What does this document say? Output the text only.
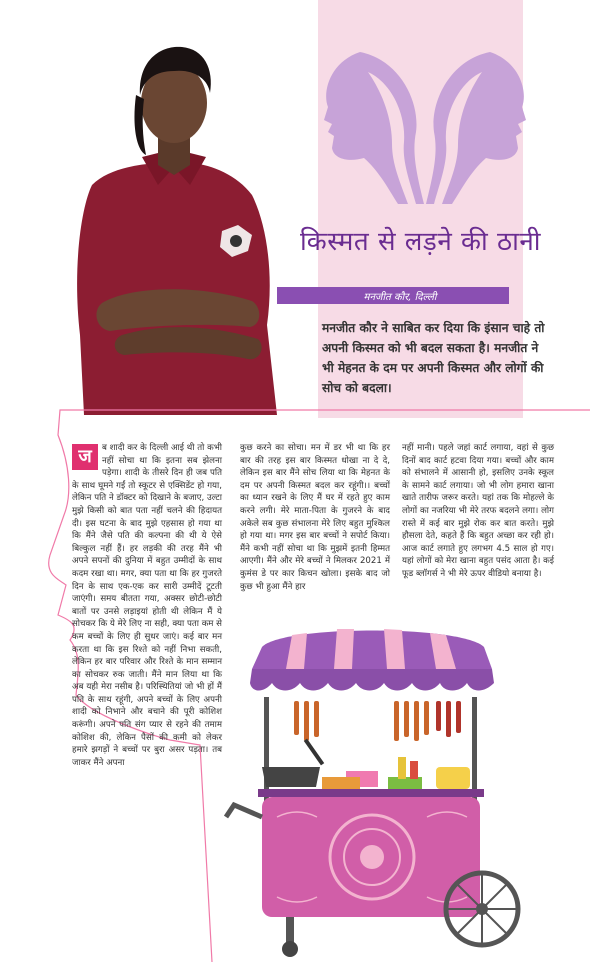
किस्मत से लड़ने की ठानी
मनजीत कौर, दिल्ली
मनजीत कौर ने साबित कर दिया कि इंसान चाहे तो अपनी किस्मत को भी बदल सकता है। मनजीत ने भी मेहनत के दम पर अपनी किस्मत और लोगों की सोच को बदला।
ज	ब शादी कर के दिल्ली आई थी तो कभी नहीं सोचा था कि इतना सब झेलना पड़ेगा। शादी के तीसरे दिन ही जब पति के साथ घूमने गईं तो स्कूटर से एक्सिडेंट हो गया, लेकिन पति ने डॉक्टर को दिखाने के बजाए, उल्टा मुझे किसी को बात पता नहीं चलने की हिदायत दी। इस घटना के बाद मुझे एहसास हो गया था कि मैंने जैसे पति की कल्पना की थी ये ऐसे बिल्कुल नहीं हैं। हर लड़की की तरह मैंने भी अपने सपनों की दुनिया में बहुत उम्मीदों के साथ कदम रखा था। मगर, क्या पता था कि हर गुजरते दिन के साथ एक-एक कर सारी उम्मीदें टूटती जाएंगी। समय बीतता गया, अक्सर छोटी-छोटी बातों पर उनसे लड़ाइयां होती थी लेकिन मैं ये सोचकर कि ये मेरे लिए ना सही, क्या पता कम से कम बच्चों के लिए ही सुधर जाएं। कई बार मन करता था कि इस रिश्ते को नहीं निभा सकती, लेकिन हर बार परिवार और रिश्ते के मान सम्मान का सोचकर रुक जाती। मैंने मान लिया था कि अब यही मेरा नसीब है। परिस्थितियां जो भी हों मैं पति के साथ रहूंगी, अपने बच्चों के लिए अपनी शादी को निभाने और बचाने की पूरी कोशिश करूंगी। अपने पति संग प्यार से रहने की तमाम कोशिश की, लेकिन पैसों की कमी को लेकर हमारे झगड़ों ने बच्चों पर बुरा असर पड़ता। तब जाकर मैंने अपना
कुछ करने का सोचा। मन में डर भी था कि हर बार की तरह इस बार किस्मत धोखा ना दे दे, लेकिन इस बार मैंने सोच लिया था कि मेहनत के दम पर अपनी किस्मत बदल कर रहूंगी।। बच्चों का ध्यान रखने के लिए मैं घर में रहते हुए काम करने लगी। मेरे माता-पिता के गुजरने के बाद अकेले सब कुछ संभालना मेरे लिए बहुत मुश्किल हो गया था। मगर इस बार बच्चों ने सपोर्ट किया। मैंने कभी नहीं सोचा था कि मुझमें इतनी हिम्मत आएगी। मैंने और मेरे बच्चों ने मिलकर 2021 में कुमंस डे पर कार किचन खोला। इसके बाद जो कुछ भी हुआ मैंने हार
नहीं मानी। पहले जहां कार्ट लगाया, वहां से कुछ दिनों बाद कार्ट हटवा दिया गया। बच्चों और काम को संभालने में आसानी हो, इसलिए उनके स्कूल के सामने कार्ट लगाया। जो भी लोग हमारा खाना खाते तारीफ जरूर करते। यहां तक कि मोहल्ले के लोगों का नजरिया भी मेरे तरफ बदलने लगा। लोग रास्ते में कई बार मुझे रोक कर बात करते। मुझे हौसला देते, कहते हैं कि बहुत अच्छा कर रही हो। आज कार्ट लगाते हुए लगभग 4.5 साल हो गए। यहां लोगों को मेरा खाना बहुत पसंद आता है। कई फूड ब्लॉगर्स ने भी मेरे ऊपर वीडियो बनाया है।
